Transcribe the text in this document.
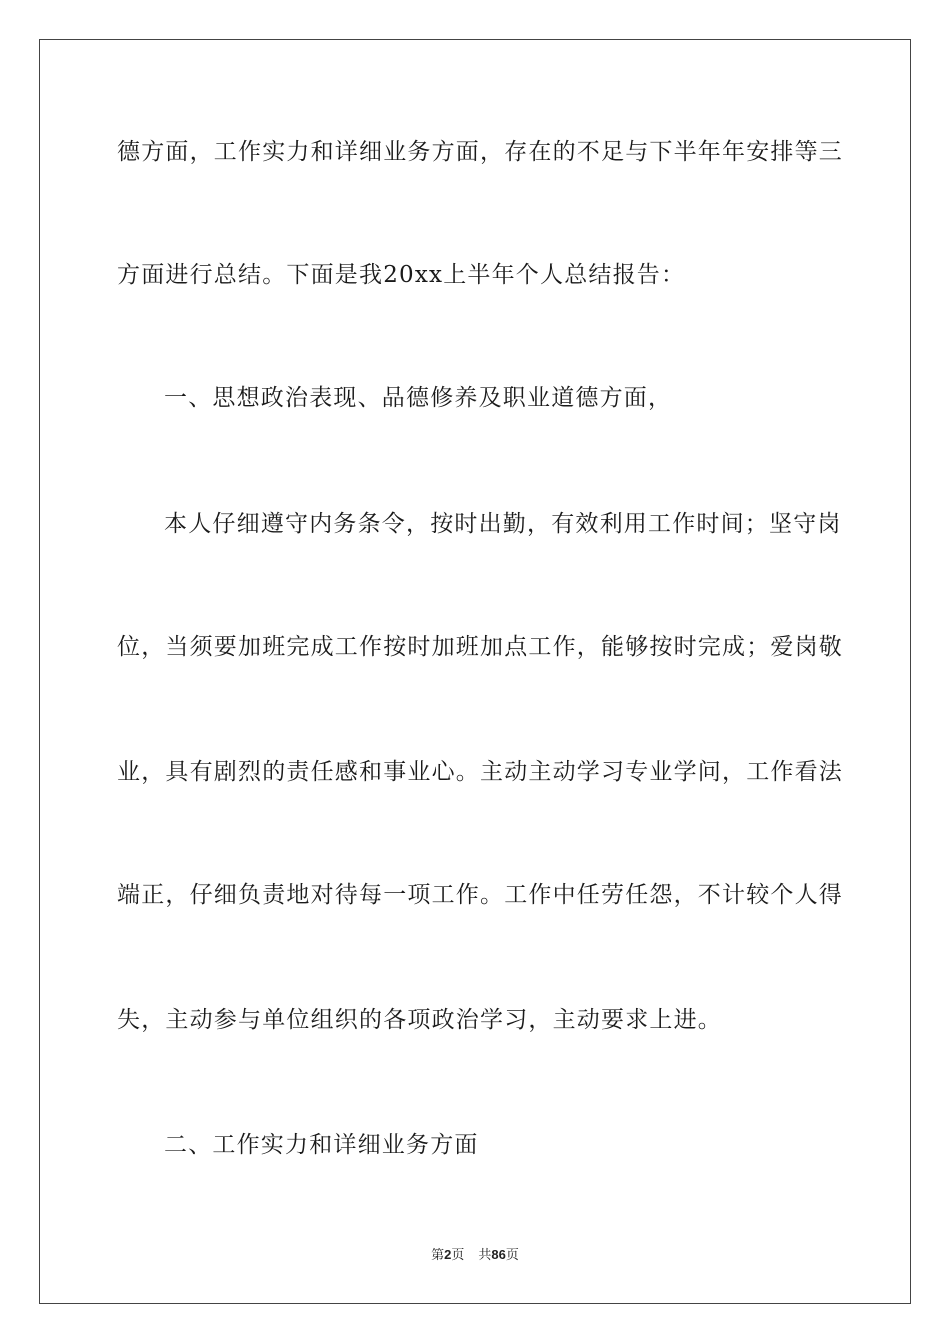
德方面，工作实力和详细业务方面，存在的不足与下半年年安排等三
方面进行总结。下面是我20xx上半年个人总结报告：
一、思想政治表现、品德修养及职业道德方面，
本人仔细遵守内务条令，按时出勤，有效利用工作时间；坚守岗
位，当须要加班完成工作按时加班加点工作，能够按时完成；爱岗敬
业，具有剧烈的责任感和事业心。主动主动学习专业学问，工作看法
端正，仔细负责地对待每一项工作。工作中任劳任怨，不计较个人得
失，主动参与单位组织的各项政治学习，主动要求上进。
二、工作实力和详细业务方面
第2页 共86页
